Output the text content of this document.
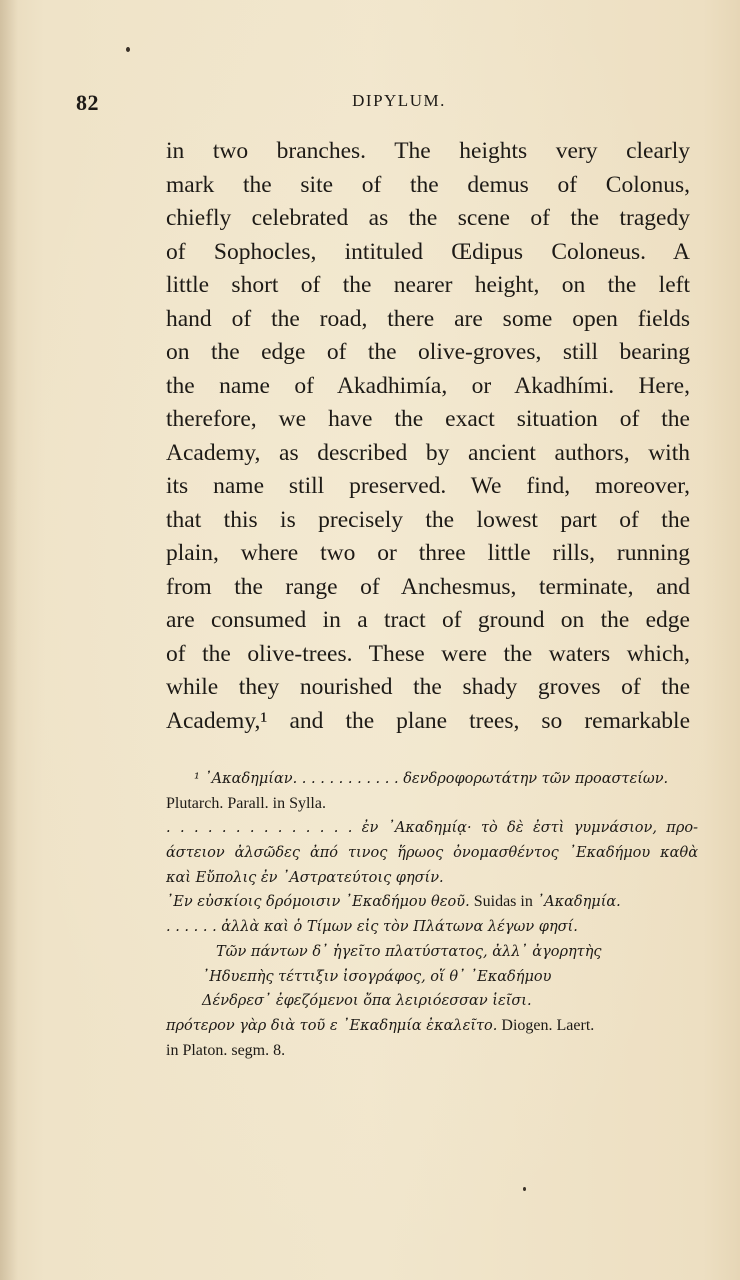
82	DIPYLUM.
in two branches. The heights very clearly
mark the site of the demus of Colonus,
chiefly celebrated as the scene of the tragedy
of Sophocles, intituled Œdipus Coloneus. A
little short of the nearer height, on the left
hand of the road, there are some open fields
on the edge of the olive-groves, still bearing
the name of Akadhimía, or Akadhími. Here,
therefore, we have the exact situation of the
Academy, as described by ancient authors, with
its name still preserved. We find, moreover,
that this is precisely the lowest part of the
plain, where two or three little rills, running
from the range of Anchesmus, terminate, and
are consumed in a tract of ground on the edge
of the olive-trees. These were the waters which,
while they nourished the shady groves of the
Academy,¹ and the plane trees, so remarkable
¹ ᾿Ακαδημίαν. . . . . . . . . . . . δενδροφορωτάτην τῶν προαστείων.
Plutarch. Parall. in Sylla.
. . . . . . . . . . . . . . ἐν ᾿Ακαδημίᾳ· τὸ δὲ ἐστὶ γυμνάσιον, προ-
άστειον ἀλσῶδες ἀπό τινος ἥρωος ὀνομασθέντος ᾿Εκαδήμου καθὰ
καὶ Εὔπολις ἐν ᾿Αστρατεύτοις φησίν.
᾿Εν εὐσκίοις δρόμοισιν ᾿Εκαδήμου θεοῦ. Suidas in ᾿Ακαδημία.
. . . . . . ἀλλὰ καὶ ὁ Τίμων εἰς τὸν Πλάτωνα λέγων φησί.
Τῶν πάντων δ᾿ ἡγεῖτο πλατύστατος, ἀλλ᾿ ἀγορητὴς
᾿Ηδυεπὴς τέττιξιν ἰσογράφος, οἵ θ᾿ ᾿Εκαδήμου
Δένδρεσ᾿ ἐφεζόμενοι ὄπα λειριόεσσαν ἱεῖσι.
πρότερον γὰρ διὰ τοῦ ε ᾿Εκαδημία ἐκαλεῖτο. Diogen. Laert.
in Platon. segm. 8.
